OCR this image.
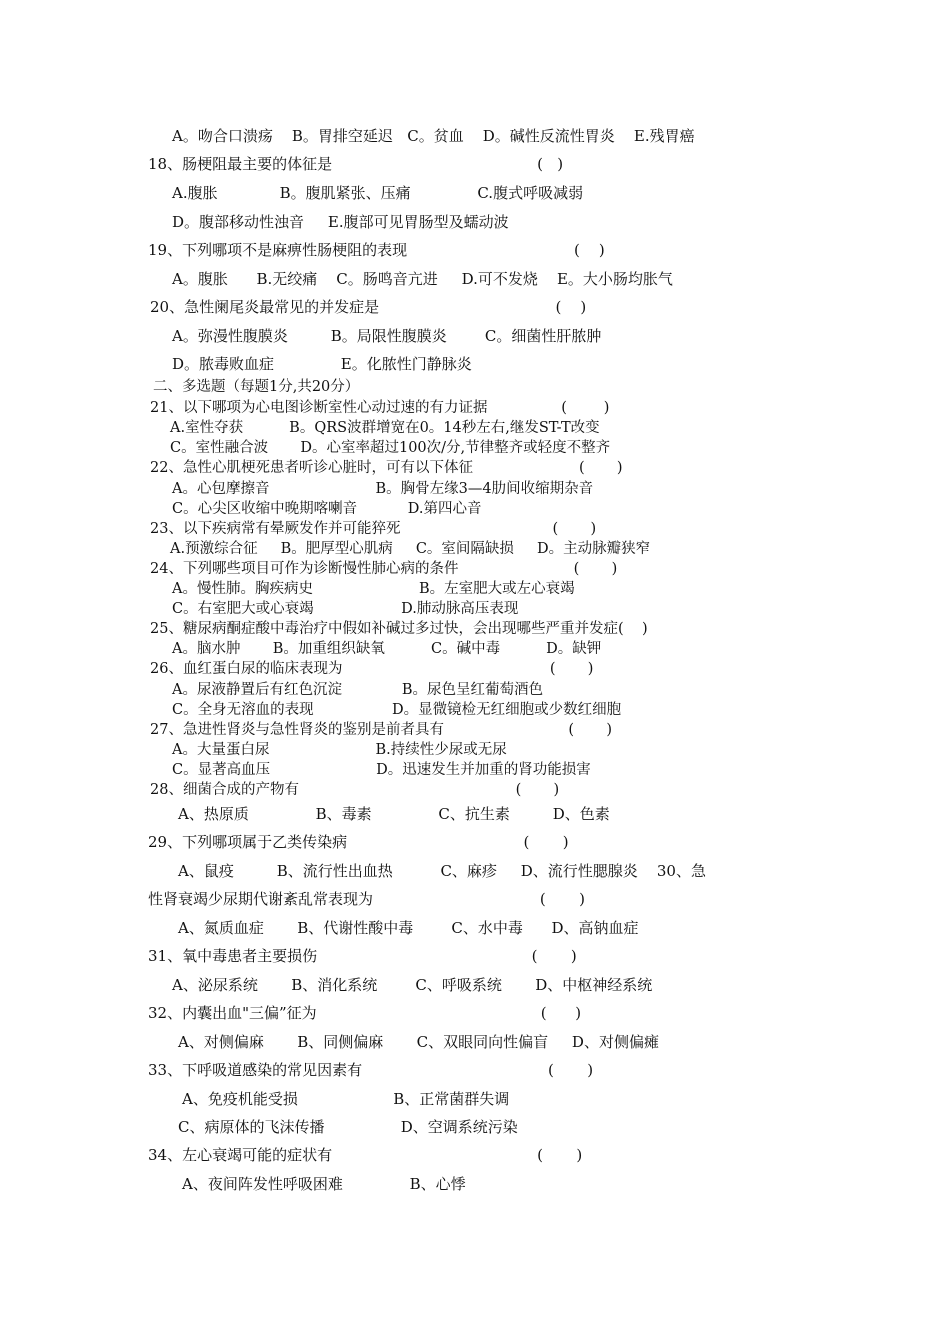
A。吻合口溃疡    B。胃排空延迟   C。贫血    D。碱性反流性胃炎    E.残胃癌
18、肠梗阻最主要的体征是                                           (   )
A.腹胀             B。腹肌紧张、压痛              C.腹式呼吸减弱
D。腹部移动性浊音     E.腹部可见胃肠型及蠕动波
19、下列哪项不是麻痹性肠梗阻的表现                                   (    )
A。腹胀      B.无绞痛    C。肠鸣音亢进     D.可不发烧    E。大小肠均胀气
20、急性阑尾炎最常见的并发症是                                     (    )
A。弥漫性腹膜炎         B。局限性腹膜炎        C。细菌性肝脓肿
D。脓毒败血症              E。化脓性门静脉炎
二、多选题（每题1分,共20分）
21、以下哪项为心电图诊断室性心动过速的有力证据                (        )
A.室性夺获          B。QRS波群增宽在0。14秒左右,继发ST-T改变
C。室性融合波       D。心室率超过100次/分,节律整齐或轻度不整齐
22、急性心肌梗死患者听诊心脏时，可有以下体征                       (       )
A。心包摩擦音                       B。胸骨左缘3—4肋间收缩期杂音
C。心尖区收缩中晚期喀喇音           D.第四心音
23、以下疾病常有晕厥发作并可能猝死                                 (       )
A.预激综合征     B。肥厚型心肌病     C。室间隔缺损     D。主动脉瓣狭窄
24、下列哪些项目可作为诊断慢性肺心病的条件                         (       )
A。慢性肺。胸疾病史                       B。左室肥大或左心衰竭
C。右室肥大或心衰竭                   D.肺动脉高压表现
25、糖尿病酮症酸中毒治疗中假如补碱过多过快，会出现哪些严重并发症(    )
A。脑水肿       B。加重组织缺氧          C。碱中毒          D。缺钾
26、血红蛋白尿的临床表现为                                             (       )
A。尿液静置后有红色沉淀             B。尿色呈红葡萄酒色
C。全身无溶血的表现                 D。显微镜检无红细胞或少数红细胞
27、急进性肾炎与急性肾炎的鉴别是前者具有                           (       )
A。大量蛋白尿                       B.持续性少尿或无尿
C。显著高血压                       D。迅速发生并加重的肾功能损害
28、细菌合成的产物有                                               (       )
A、热原质              B、毒素              C、抗生素         D、色素
29、下列哪项属于乙类传染病                                     (       )
A、鼠疫         B、流行性出血热          C、麻疹     D、流行性腮腺炎    30、急
性肾衰竭少尿期代谢紊乱常表现为                                   (       )
A、氮质血症       B、代谢性酸中毒        C、水中毒      D、高钠血症
31、氧中毒患者主要损伤                                             (       )
A、泌尿系统       B、消化系统        C、呼吸系统       D、中枢神经系统
32、内囊出血"三偏”征为                                               (      )
A、对侧偏麻       B、同侧偏麻       C、双眼同向性偏盲     D、对侧偏瘫
33、下呼吸道感染的常见因素有                                       (       )
A、免疫机能受损                    B、正常菌群失调
C、病原体的飞沫传播                D、空调系统污染
34、左心衰竭可能的症状有                                           (       )
A、夜间阵发性呼吸困难              B、心悸
